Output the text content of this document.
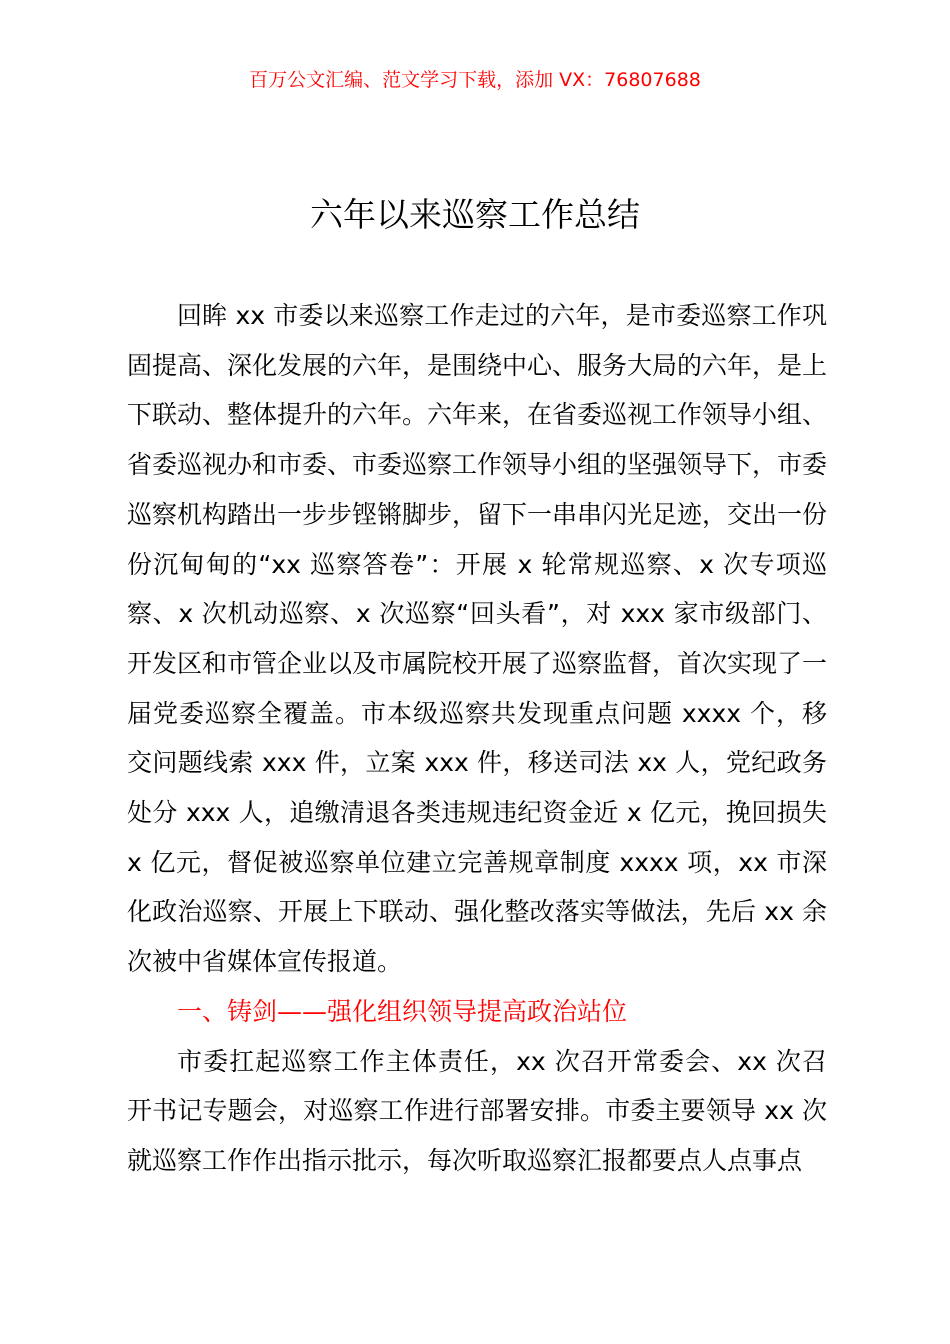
百万公文汇编、范文学习下载，添加 VX：76807688
六年以来巡察工作总结

回眸 xx 市委以来巡察工作走过的六年，是市委巡察工作巩固提高、深化发展的六年，是围绕中心、服务大局的六年，是上下联动、整体提升的六年。六年来，在省委巡视工作领导小组、省委巡视办和市委、市委巡察工作领导小组的坚强领导下，市委巡察机构踏出一步步铿锵脚步，留下一串串闪光足迹，交出一份份沉甸甸的“xx 巡察答卷”：开展 x 轮常规巡察、x 次专项巡察、x 次机动巡察、x 次巡察“回头看”，对 xxx 家市级部门、开发区和市管企业以及市属院校开展了巡察监督，首次实现了一届党委巡察全覆盖。市本级巡察共发现重点问题 xxxx 个，移交问题线索 xxx 件，立案 xxx 件，移送司法 xx 人，党纪政务处分 xxx 人，追缴清退各类违规违纪资金近 x 亿元，挽回损失 x 亿元，督促被巡察单位建立完善规章制度 xxxx 项，xx 市深化政治巡察、开展上下联动、强化整改落实等做法，先后 xx 余次被中省媒体宣传报道。

一、铸剑——强化组织领导提高政治站位

市委扛起巡察工作主体责任，xx 次召开常委会、xx 次召开书记专题会，对巡察工作进行部署安排。市委主要领导 xx 次就巡察工作作出指示批示，每次听取巡察汇报都要点人点事点
